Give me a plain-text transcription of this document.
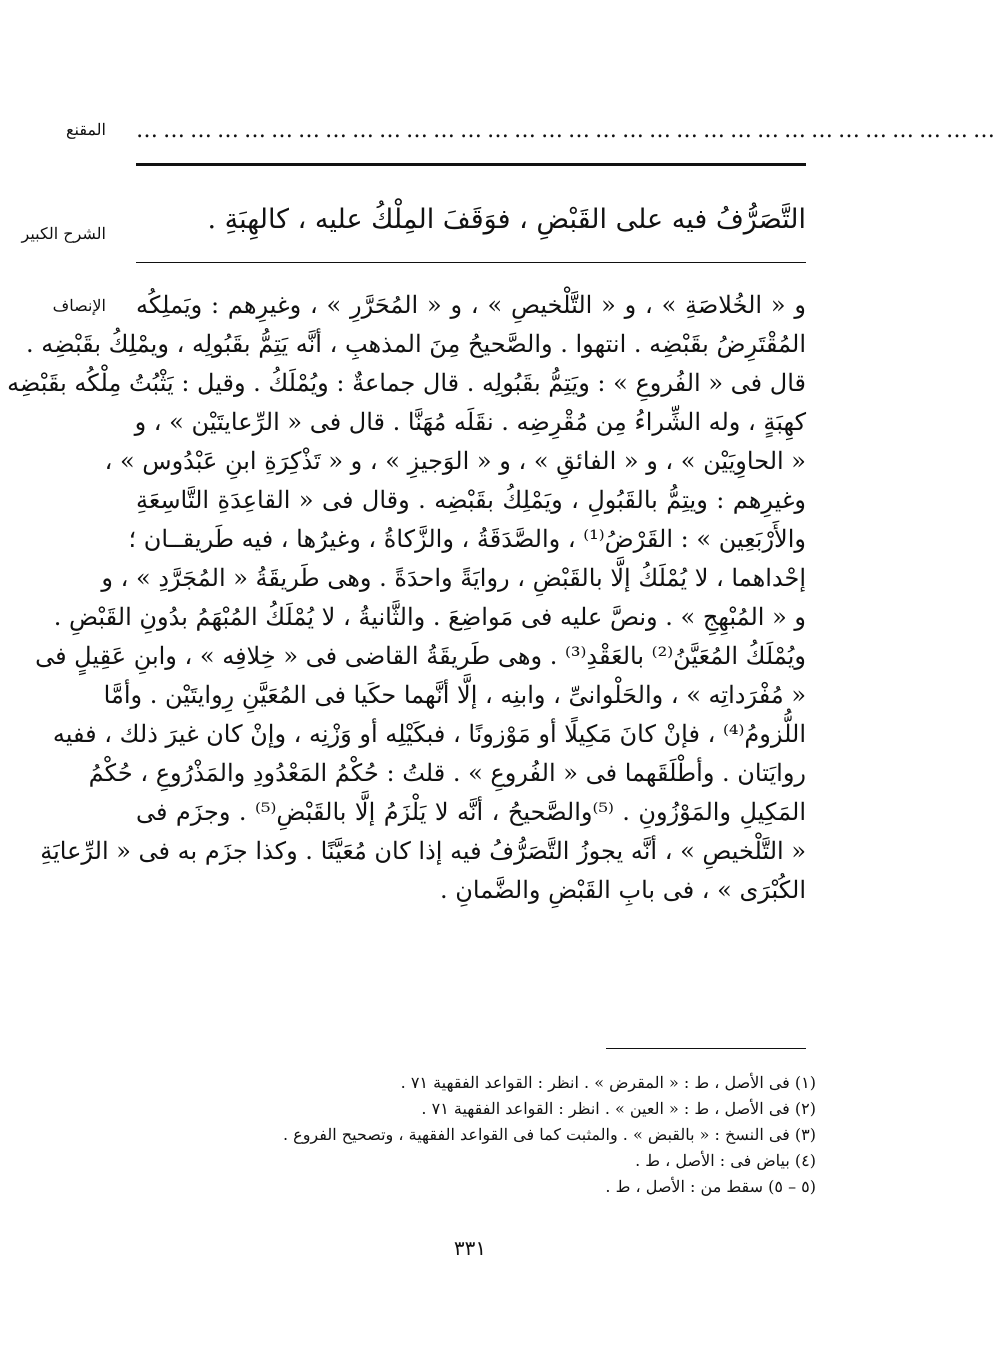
المقنع ……………………………………………………………………………………
الشرح الكبير	التَّصَرُّفُ فيه على القَبْضِ ، فوَقَفَ المِلْكُ عليه ، كالهِبَةِ .
الإنصاف و « الخُلاصَةِ » ، و « التَّلْخيصِ » ، و « المُحَرَّرِ » ، وغيرِهم : ويَملِكُه
المُقْتَرِضُ بقَبْضِه . انتهوا . والصَّحيحُ مِنَ المذهبِ ، أنَّه يَتِمُّ بقَبُولِه ، ويمْلِكُ بقَبْضِه .
قال فى « الفُروعِ » : ويَتِمُّ بقَبُولِه . قال جماعةٌ : ويُمْلَكُ . وقيل : يَثْبُتُ مِلْكُه بقَبْضِه
كهِبَةٍ ، وله الشِّراءُ مِن مُقْرِضِه . نقَلَه مُهَنَّا . قال فى « الرِّعايتَيْن » ، و
« الحاوِيَيْن » ، و « الفائقِ » ، و « الوَجيزِ » ، و « تَذْكِرَةِ ابنِ عَبْدُوس » ،
وغيرِهم : ويتِمُّ بالقَبُولِ ، ويَمْلِكُ بقَبْضِه . وقال فى « القاعِدَةِ التَّاسِعَةِ
والأَرْبَعِين » : القَرْضُ⁽¹⁾ ، والصَّدَقَةُ ، والزَّكاةُ ، وغيرُها ، فيه طَريقــان ؛
إحْداهما ، لا يُمْلَكُ إلَّا بالقَبْضِ ، روايَةً واحدَةً . وهى طَريقَةُ « المُجَرَّدِ » ، و
و « المُبْهِجِ » . ونصَّ عليه فى مَواضِعَ . والثَّانيةُ ، لا يُمْلَكُ المُبْهَمُ بدُونِ القَبْضِ .
ويُمْلَكُ المُعَيَّنُ⁽²⁾ بالعَقْدِ⁽³⁾ . وهى طَريقَةُ القاضى فى « خِلافِه » ، وابنِ عَقِيلٍ فى
« مُفْرَداتِه » ، والحَلْوانىِّ ، وابنِه ، إلَّا أنَّهما حكَيا فى المُعَيَّنِ رِوايتَيْن . وأمَّا
اللُّزومُ⁽⁴⁾ ، فإنْ كانَ مَكِيلًا أو مَوْزونًا ، فبكَيْلِه أو وَزْنِه ، وإنْ كان غيرَ ذلك ، ففيه
روايَتان . وأطْلَقَهما فى « الفُروعِ » . قلتُ : حُكْمُ المَعْدُودِ والمَذْرُوعِ ، حُكْمُ
المَكِيلِ والمَوْزُونِ . ⁽⁵⁾والصَّحيحُ ، أنَّه لا يَلْزَمُ إلَّا بالقَبْضِ⁽⁵⁾ . وجزَم فى
« التَّلْخيصِ » ، أنَّه يجوزُ التَّصَرُّفُ فيه إذا كان مُعَيَّنًا . وكذا جزَم به فى « الرِّعايَةِ
الكُبْرَى » ، فى بابِ القَبْضِ والضَّمانِ .
(١) فى الأصل ، ط : « المقرض » . انظر : القواعد الفقهية ٧١ .
(٢) فى الأصل ، ط : « العين » . انظر : القواعد الفقهية ٧١ .
(٣) فى النسخ : « بالقبض » . والمثبت كما فى القواعد الفقهية ، وتصحيح الفروع .
(٤) بياض فى : الأصل ، ط .
(٥ – ٥) سقط من : الأصل ، ط .
٣٣١
